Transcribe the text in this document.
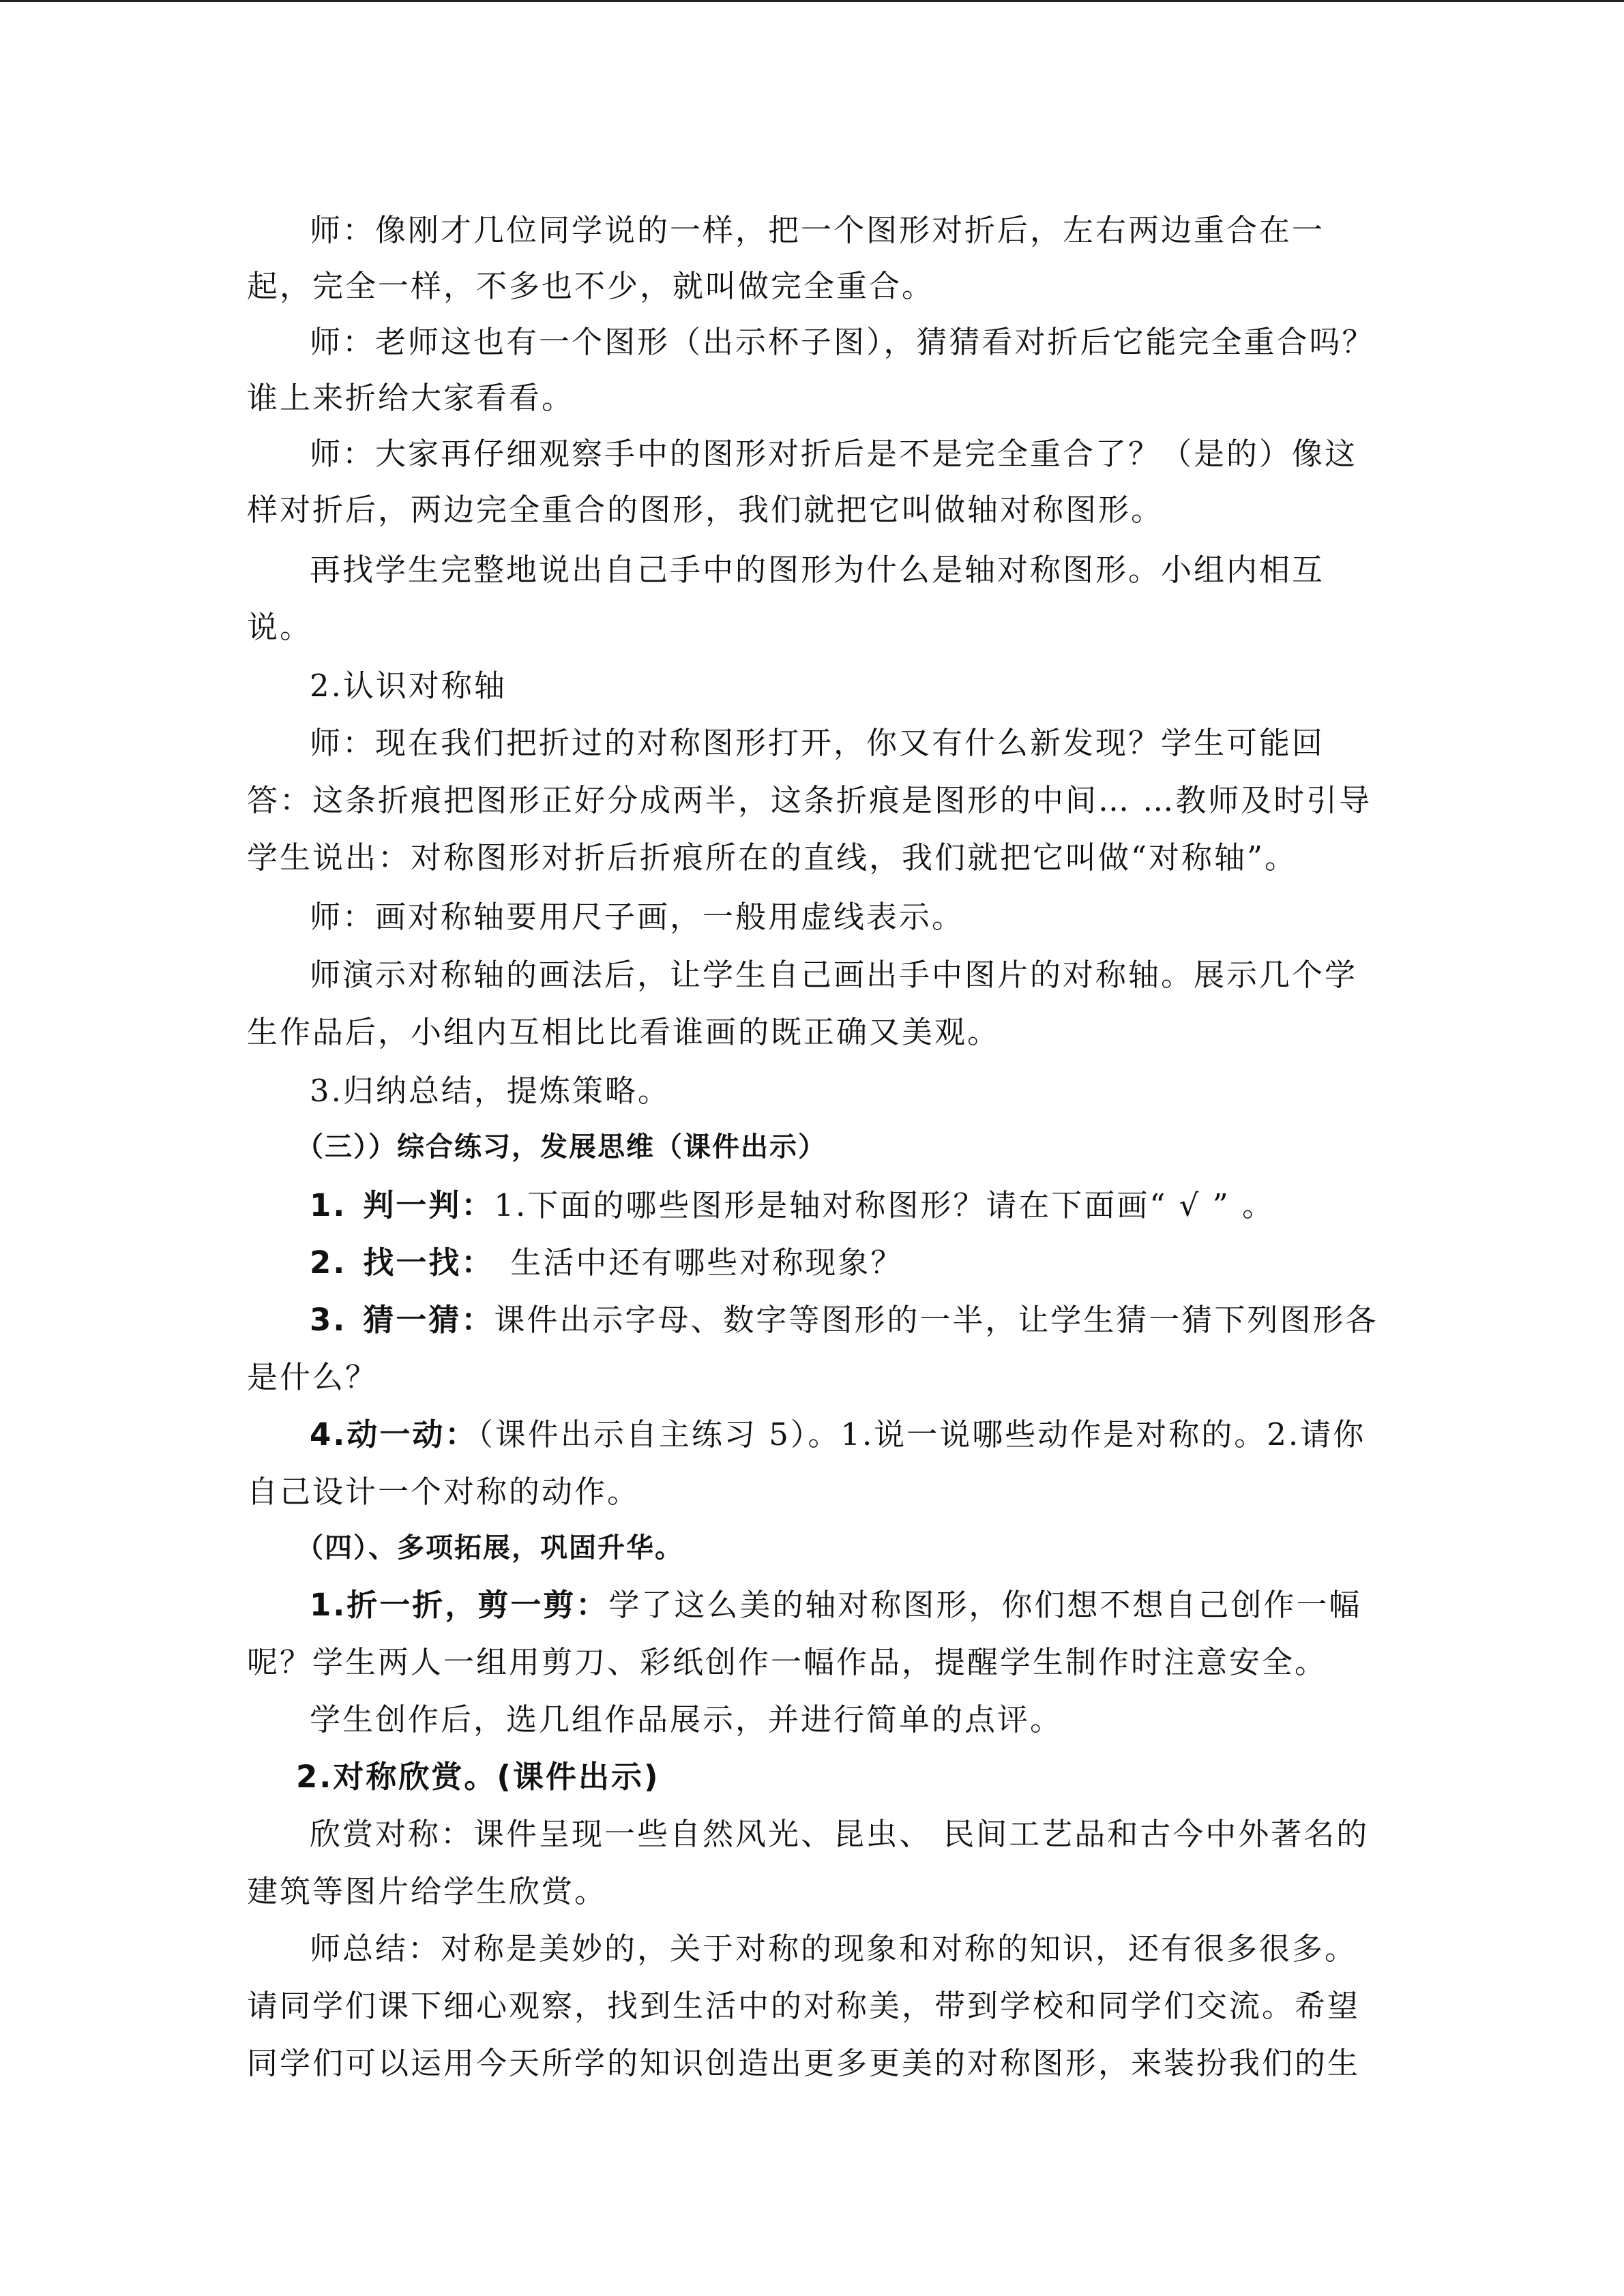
师：像刚才几位同学说的一样，把一个图形对折后，左右两边重合在一
起，完全一样，不多也不少，就叫做完全重合。
师：老师这也有一个图形（出示杯子图），猜猜看对折后它能完全重合吗？
谁上来折给大家看看。
师：大家再仔细观察手中的图形对折后是不是完全重合了？（是的）像这
样对折后，两边完全重合的图形，我们就把它叫做轴对称图形。
再找学生完整地说出自己手中的图形为什么是轴对称图形。小组内相互
说。
2.认识对称轴
师：现在我们把折过的对称图形打开，你又有什么新发现？学生可能回
答：这条折痕把图形正好分成两半，这条折痕是图形的中间… …教师及时引导
学生说出：对称图形对折后折痕所在的直线，我们就把它叫做“对称轴”。
师：画对称轴要用尺子画，一般用虚线表示。
师演示对称轴的画法后，让学生自己画出手中图片的对称轴。展示几个学
生作品后，小组内互相比比看谁画的既正确又美观。
3.归纳总结，提炼策略。
（三））综合练习，发展思维（课件出示）
1. 判一判：1.下面的哪些图形是轴对称图形？请在下面画“ √ ” 。
2. 找一找： 生活中还有哪些对称现象？
3. 猜一猜：课件出示字母、数字等图形的一半，让学生猜一猜下列图形各
是什么？
4.动一动：（课件出示自主练习 5）。1.说一说哪些动作是对称的。2.请你
自己设计一个对称的动作。
（四）、多项拓展，巩固升华。
1.折一折，剪一剪：学了这么美的轴对称图形，你们想不想自己创作一幅
呢？学生两人一组用剪刀、彩纸创作一幅作品，提醒学生制作时注意安全。
学生创作后，选几组作品展示，并进行简单的点评。
2.对称欣赏。(课件出示)
欣赏对称：课件呈现一些自然风光、昆虫、 民间工艺品和古今中外著名的
建筑等图片给学生欣赏。
师总结：对称是美妙的，关于对称的现象和对称的知识，还有很多很多。
请同学们课下细心观察，找到生活中的对称美，带到学校和同学们交流。希望
同学们可以运用今天所学的知识创造出更多更美的对称图形，来装扮我们的生
